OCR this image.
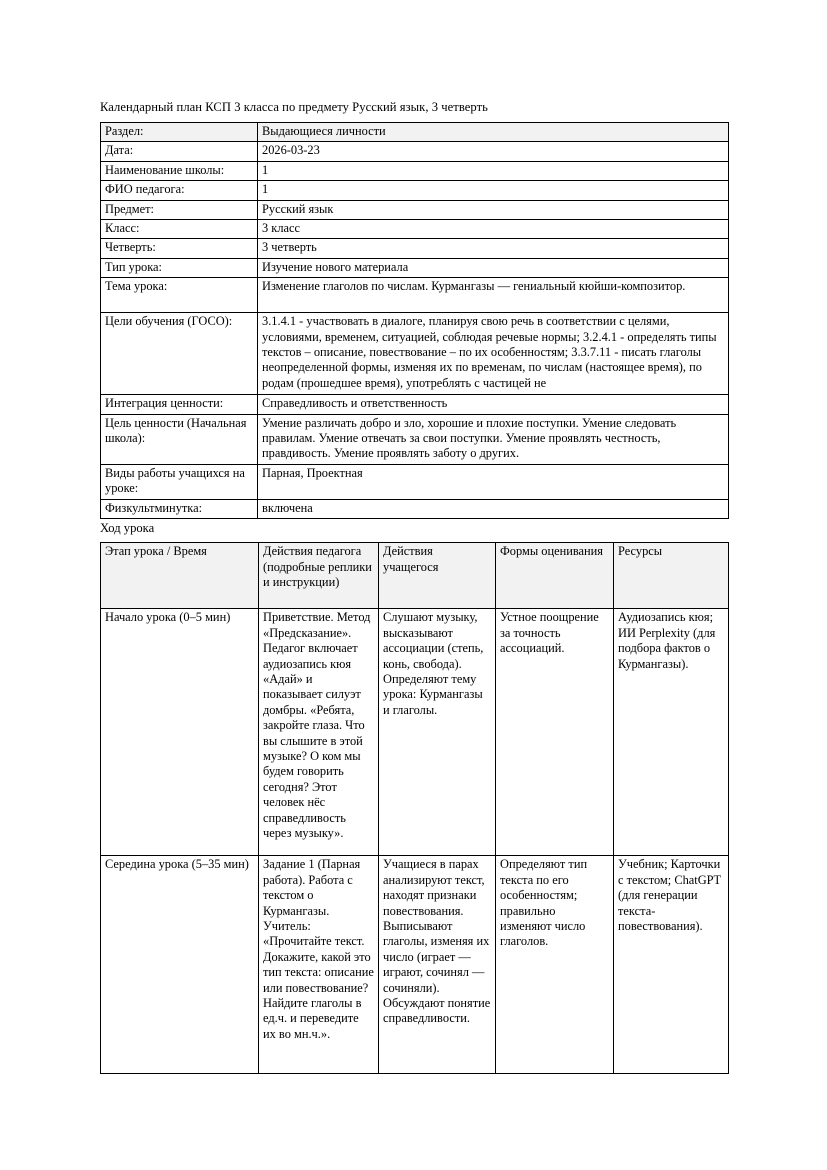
Календарный план КСП 3 класса по предмету Русский язык, 3 четверть
Раздел:	Выдающиеся личности
Дата:	2026-03-23
Наименование школы:	1
ФИО педагога:	1
Предмет:	Русский язык
Класс:	3 класс
Четверть:	3 четверть
Тип урока:	Изучение нового материала
Тема урока:	Изменение глаголов по числам. Курмангазы — гениальный кюйши-композитор.
Цели обучения (ГОСО):	3.1.4.1 - участвовать в диалоге, планируя свою речь в соответствии с целями, условиями, временем, ситуацией, соблюдая речевые нормы; 3.2.4.1 - определять типы текстов – описание, повествование – по их особенностям; 3.3.7.11 - писать глаголы неопределенной формы, изменяя их по временам, по числам (настоящее время), по родам (прошедшее время), употреблять с частицей не
Интеграция ценности:	Справедливость и ответственность
Цель ценности (Начальная школа):	Умение различать добро и зло, хорошие и плохие поступки. Умение следовать правилам. Умение отвечать за свои поступки. Умение проявлять честность, правдивость. Умение проявлять заботу о других.
Виды работы учащихся на уроке:	Парная, Проектная
Физкультминутка:	включена
Ход урока
Этап урока / Время	Действия педагога (подробные реплики и инструкции)	Действия учащегося	Формы оценивания	Ресурсы
Начало урока (0–5 мин)	Приветствие. Метод «Предсказание». Педагог включает аудиозапись кюя «Адай» и показывает силуэт домбры. «Ребята, закройте глаза. Что вы слышите в этой музыке? О ком мы будем говорить сегодня? Этот человек нёс справедливость через музыку».	Слушают музыку, высказывают ассоциации (степь, конь, свобода). Определяют тему урока: Курмангазы и глаголы.	Устное поощрение за точность ассоциаций.	Аудиозапись кюя; ИИ Perplexity (для подбора фактов о Курмангазы).
Середина урока (5–35 мин)	Задание 1 (Парная работа). Работа с текстом о Курмангазы. Учитель: «Прочитайте текст. Докажите, какой это тип текста: описание или повествование? Найдите глаголы в ед.ч. и переведите их во мн.ч.».	Учащиеся в парах анализируют текст, находят признаки повествования. Выписывают глаголы, изменяя их число (играет — играют, сочинял — сочиняли). Обсуждают понятие справедливости.	Определяют тип текста по его особенностям; правильно изменяют число глаголов.	Учебник; Карточки с текстом; ChatGPT (для генерации текста-повествования).
